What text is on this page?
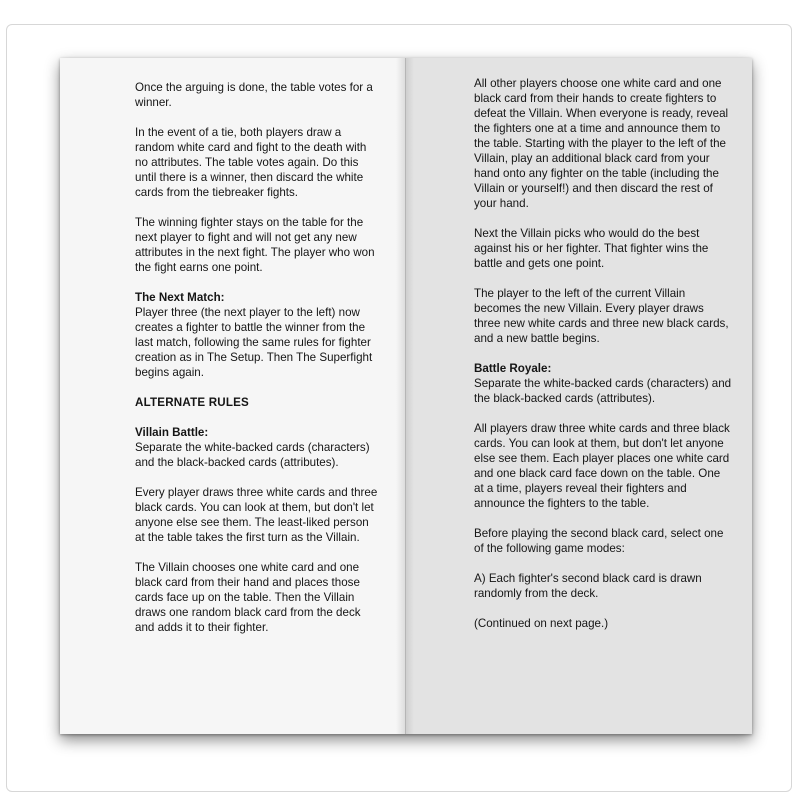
Once the arguing is done, the table votes for a winner.

In the event of a tie, both players draw a random white card and fight to the death with no attributes. The table votes again. Do this until there is a winner, then discard the white cards from the tiebreaker fights.

The winning fighter stays on the table for the next player to fight and will not get any new attributes in the next fight. The player who won the fight earns one point.

The Next Match:
Player three (the next player to the left) now creates a fighter to battle the winner from the last match, following the same rules for fighter creation as in The Setup. Then The Superfight begins again.

ALTERNATE RULES

Villain Battle:
Separate the white-backed cards (characters) and the black-backed cards (attributes).

Every player draws three white cards and three black cards. You can look at them, but don't let anyone else see them. The least-liked person at the table takes the first turn as the Villain.

The Villain chooses one white card and one black card from their hand and places those cards face up on the table. Then the Villain draws one random black card from the deck and adds it to their fighter.

All other players choose one white card and one black card from their hands to create fighters to defeat the Villain. When everyone is ready, reveal the fighters one at a time and announce them to the table. Starting with the player to the left of the Villain, play an additional black card from your hand onto any fighter on the table (including the Villain or yourself!) and then discard the rest of your hand.

Next the Villain picks who would do the best against his or her fighter. That fighter wins the battle and gets one point.

The player to the left of the current Villain becomes the new Villain. Every player draws three new white cards and three new black cards, and a new battle begins.

Battle Royale:
Separate the white-backed cards (characters) and the black-backed cards (attributes).

All players draw three white cards and three black cards. You can look at them, but don't let anyone else see them. Each player places one white card and one black card face down on the table. One at a time, players reveal their fighters and announce the fighters to the table.

Before playing the second black card, select one of the following game modes:

A) Each fighter's second black card is drawn randomly from the deck.

(Continued on next page.)
